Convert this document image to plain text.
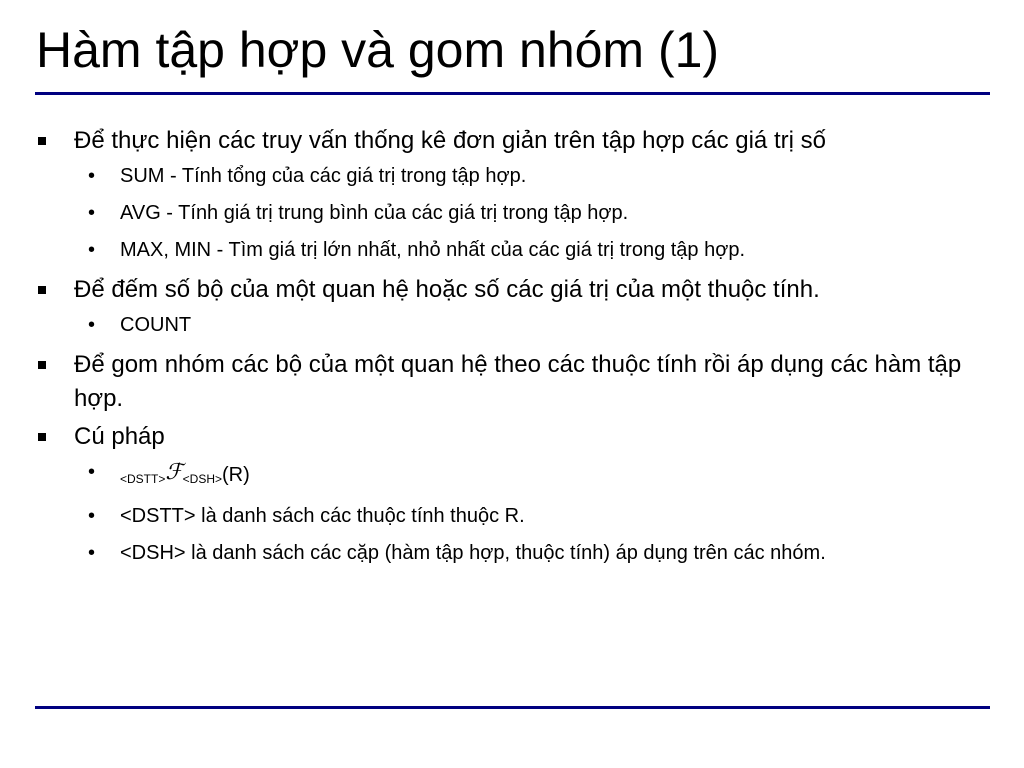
Hàm tập hợp và gom nhóm (1)
Để thực hiện các truy vấn thống kê đơn giản trên tập hợp các giá trị số
• SUM - Tính tổng của các giá trị trong tập hợp.
• AVG - Tính giá trị trung bình của các giá trị trong tập hợp.
• MAX, MIN - Tìm giá trị lớn nhất, nhỏ nhất của các giá trị trong tập hợp.
Để đếm số bộ của một quan hệ hoặc số các giá trị của một thuộc tính.
• COUNT
Để gom nhóm các bộ của một quan hệ theo các thuộc tính rồi áp dụng các hàm tập hợp.
Cú pháp
• <DSTT>ℱ<DSH>(R)
• <DSTT> là danh sách các thuộc tính thuộc R.
• <DSH> là danh sách các cặp (hàm tập hợp, thuộc tính) áp dụng trên các nhóm.
